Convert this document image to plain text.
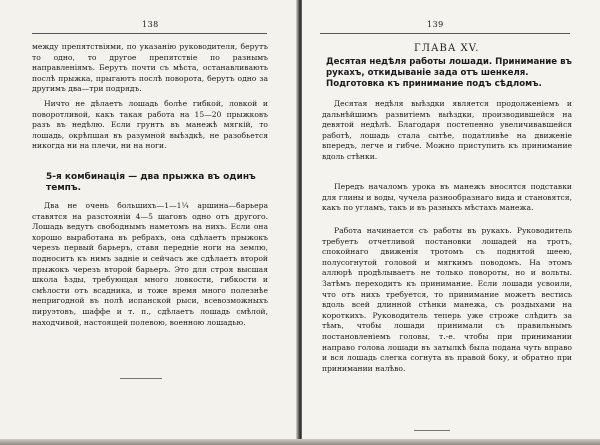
138

между препятствіями, по указанію руководителя, берутъ то одно, то другое препятствіе по разнымъ направленіямъ. Берутъ почти съ мѣста, останавливають послѣ прыжка, прыгаютъ послѣ поворота, берутъ одно за другимъ два—три подрядъ.

Ничто не дѣлаетъ лошадь болѣе гибкой, ловкой и поворотливой, какъ такая работа на 15—20 прыжковъ разъ въ недѣлю. Если грунтъ въ манежѣ мягкій, то лошадь, окрѣпшая въ разумной выѣздкѣ, не разобьется никогда ни на плечи, ни на ноги.

5-я комбинація — два прыжка въ одинъ темпъ.

Два не очень большихъ—1—1¼ аршина—барьера ставятся на разстояніи 4—5 шаговъ одно отъ другого. Лошадь ведутъ свободнымъ наметомъ на нихъ. Если она хорошо выработана въ ребрахъ, она сдѣлаетъ прыжокъ черезъ первый барьеръ, ставя передніе ноги на землю, подноситъ къ нимъ задніе и сейчасъ же сдѣлаетъ второй прыжокъ черезъ второй барьеръ. Это для строя высшая школа ѣзды, требующая много ловкости, гибкости и смѣлости отъ всадника, и тоже время много полезнѣе непригодной въ полѣ испанской рыси, всевозможныхъ пируэтовъ, шаффе и т. п., сдѣлаетъ лошадь смѣлой, находчивой, настоящей полевою, военною лошадью.

139
ГЛАВА XV.
Десятая недѣля работы лошади. Принимание въ рукахъ, откидываніе зада отъ шенкеля. Подготовка къ принимание подъ сѣдломъ.

Десятая недѣля выѣздки является продолженіемъ и дальнѣйшимъ развитіемъ выѣздки, производившейся на девятой недѣлѣ. Благодаря постепенно увеличивавшейся работѣ, лошадь стала сытѣе, податливѣе на движеніе впередъ, легче и гибче. Можно приступить къ принимание вдоль стѣнки.

Передъ началомъ урока въ манежъ вносятся подставки для глины и воды, чучела разнообразнаго вида и становятся, какъ по угламъ, такъ и въ разныхъ мѣстахъ манежа.

Работа начинается съ работы въ рукахъ. Руководитель требуетъ отчетливой постановки лошадей на тротъ, спокойнаго движенія тротомъ съ поднятой шеею, полусогнутой головой и мягкимъ поводомъ. На этомъ аллюрѣ продѣлываетъ не только повороты, но и вольты. Затѣмъ переходитъ къ принимание. Если лошади усвоили, что отъ нихъ требуется, то принимание можетъ вестись вдоль всей длинной стѣнки манежа, съ роздыхами на короткихъ. Руководитель теперь уже строже слѣдитъ за тѣмъ, чтобы лошади принимали съ правильнымъ постановленіемъ головы, т.-е. чтобы при принимании направо голова лошади въ затылкѣ была подана чуть вправо и вся лошадь слегка согнута въ правой боку, и обратно при принимании налѣво.
